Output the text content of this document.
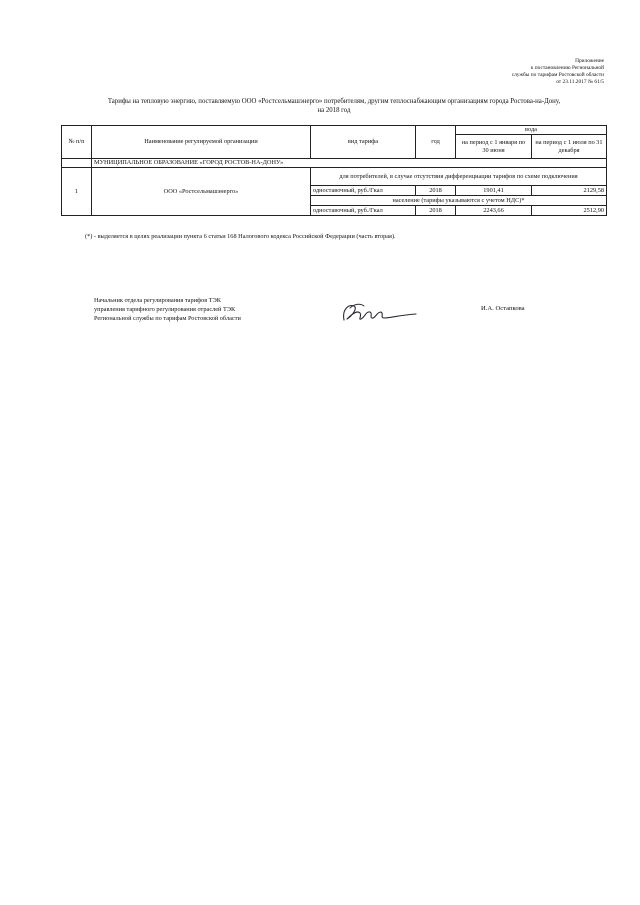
Приложение
к постановлению Региональной
службы по тарифам Ростовской области
от 23.11.2017 № 61/5
Тарифы на тепловую энергию, поставляемую ООО «Ростсельмашэнерго» потребителям, другим теплоснабжающим организациям города Ростова-на-Дону,
на 2018 год
№ п/п	Наименование регулируемой организации	вид тарифа	год	вода	
				на период с 1 января по 30 июня	на период с 1 июля по 31 декабря
	МУНИЦИПАЛЬНОЕ ОБРАЗОВАНИЕ «ГОРОД РОСТОВ-НА-ДОНУ»				
1	ООО «Ростсельмашэнерго»	для потребителей, в случае отсутствия дифференциации тарифов по схеме подключения			
		одноставочный, руб./Гкал	2018	1901,41	2129,58
		население (тарифы указываются с учетом НДС)*			
		одноставочный, руб./Гкал	2018	2243,66	2512,90
(*) - выделяется в целях реализации пункта 6 статьи 168 Налогового кодекса Российской Федерации (часть вторая).
Начальник отдела регулирования тарифов ТЭК
управления тарифного регулирования отраслей ТЭК
Региональной службы по тарифам Ростовской области
И.А. Остапкова
